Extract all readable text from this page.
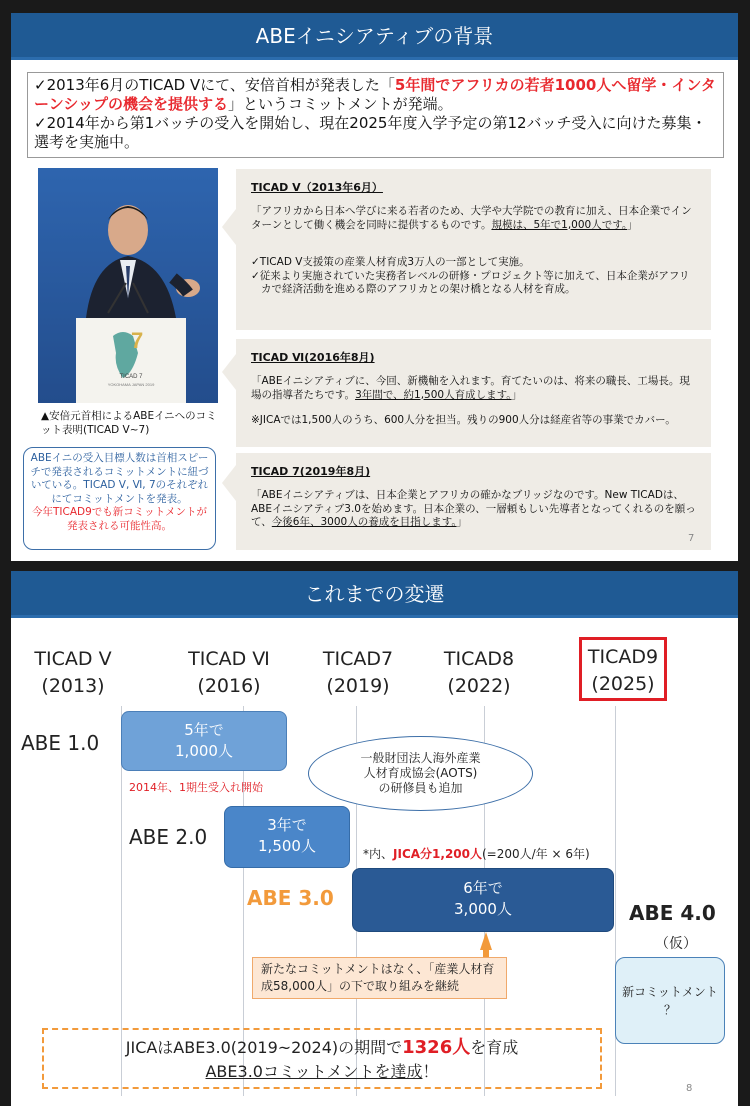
ABEイニシアティブの背景
✓2013年6月のTICAD Ⅴにて、安倍首相が発表した「5年間でアフリカの若者1000人へ留学・インターンシップの機会を提供する」というコミットメントが発端。
✓2014年から第1バッチの受入を開始し、現在2025年度入学予定の第12バッチ受入に向けた募集・選考を実施中。
7
TICAD 7
YOKOHAMA JAPAN 2019
▲安倍元首相によるABEイニへのコミット表明(TICAD Ⅴ~7)
ABEイニの受入目標人数は首相スピーチで発表されるコミットメントに紐づいている。TICAD Ⅴ, Ⅵ, 7のそれぞれにてコミットメントを発表。
今年TICAD9でも新コミットメントが発表される可能性高。
TICAD Ⅴ（2013年6月）
「アフリカから日本へ学びに来る若者のため、大学や大学院での教育に加え、日本企業でインターンとして働く機会を同時に提供するものです。規模は、5年で1,000人です。」
✓TICAD Ⅴ支援策の産業人材育成3万人の一部として実施。
✓従来より実施されていた実務者レベルの研修・プロジェクト等に加えて、日本企業がアフリカで経済活動を進める際のアフリカとの架け橋となる人材を育成。
TICAD Ⅵ(2016年8月)
「ABEイニシアティブに、今回、新機軸を入れます。育てたいのは、将来の職長、工場長。現場の指導者たちです。3年間で、約1,500人育成します。」
※JICAでは1,500人のうち、600人分を担当。残りの900人分は経産省等の事業でカバー。
TICAD 7(2019年8月)
「ABEイニシアティブは、日本企業とアフリカの確かなブリッジなのです。New TICADは、ABEイニシアティブ3.0を始めます。日本企業の、一層頼もしい先導者となってくれるのを願って、今後6年、3000人の養成を目指します。」
7
これまでの変遷
TICAD Ⅴ
(2013)
TICAD Ⅵ
(2016)
TICAD7
(2019)
TICAD8
(2022)
TICAD9
(2025)
ABE 1.0
ABE 2.0
ABE 3.0
ABE 4.0
（仮）
5年で
1,000人
2014年、1期生受入れ開始
一般財団法人海外産業
人材育成協会(AOTS)
の研修員も追加
3年で
1,500人	*内、JICA分1,200人(=200人/年 × 6年)
6年で
3,000人
新たなコミットメントはなく、「産業人材育成58,000人」の下で取り組みを継続	新コミットメント
？
JICAはABE3.0(2019~2024)の期間で1326人を育成
ABE3.0コミットメントを達成！
8
